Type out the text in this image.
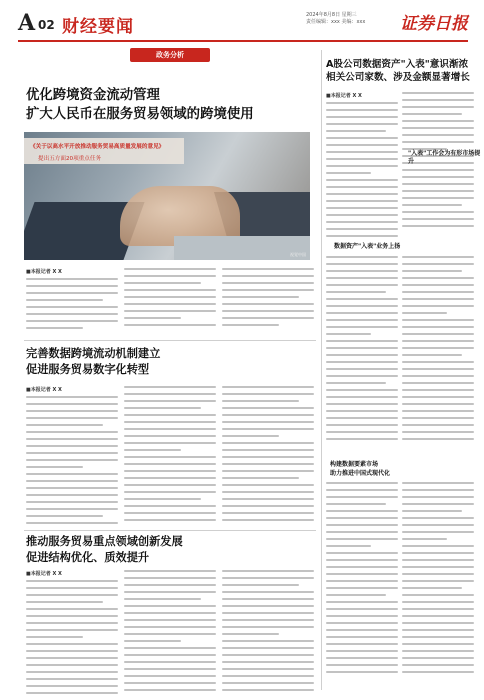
A 02 财经要闻
2024年8月8日 星期三
责任编辑：xxx 美编：xxx	证券日报
政务分析
优化跨境资金流动管理
扩大人民币在服务贸易领域的跨境使用
《关于以高水平开放推动服务贸易高质量发展的意见》
提出五方面20项重点任务
视觉中国
■本报记者 X X
完善数据跨境流动机制建立
促进服务贸易数字化转型
■本报记者 X X
推动服务贸易重点领域创新发展
促进结构优化、质效提升
■本报记者 X X
A股公司数据资产"入表"意识渐浓
相关公司家数、涉及金额显著增长
■本报记者 X X
数据资产"入表"业务上扬
"入表"工作会为有形市场提升
构建数据要素市场
助力推进中国式现代化
